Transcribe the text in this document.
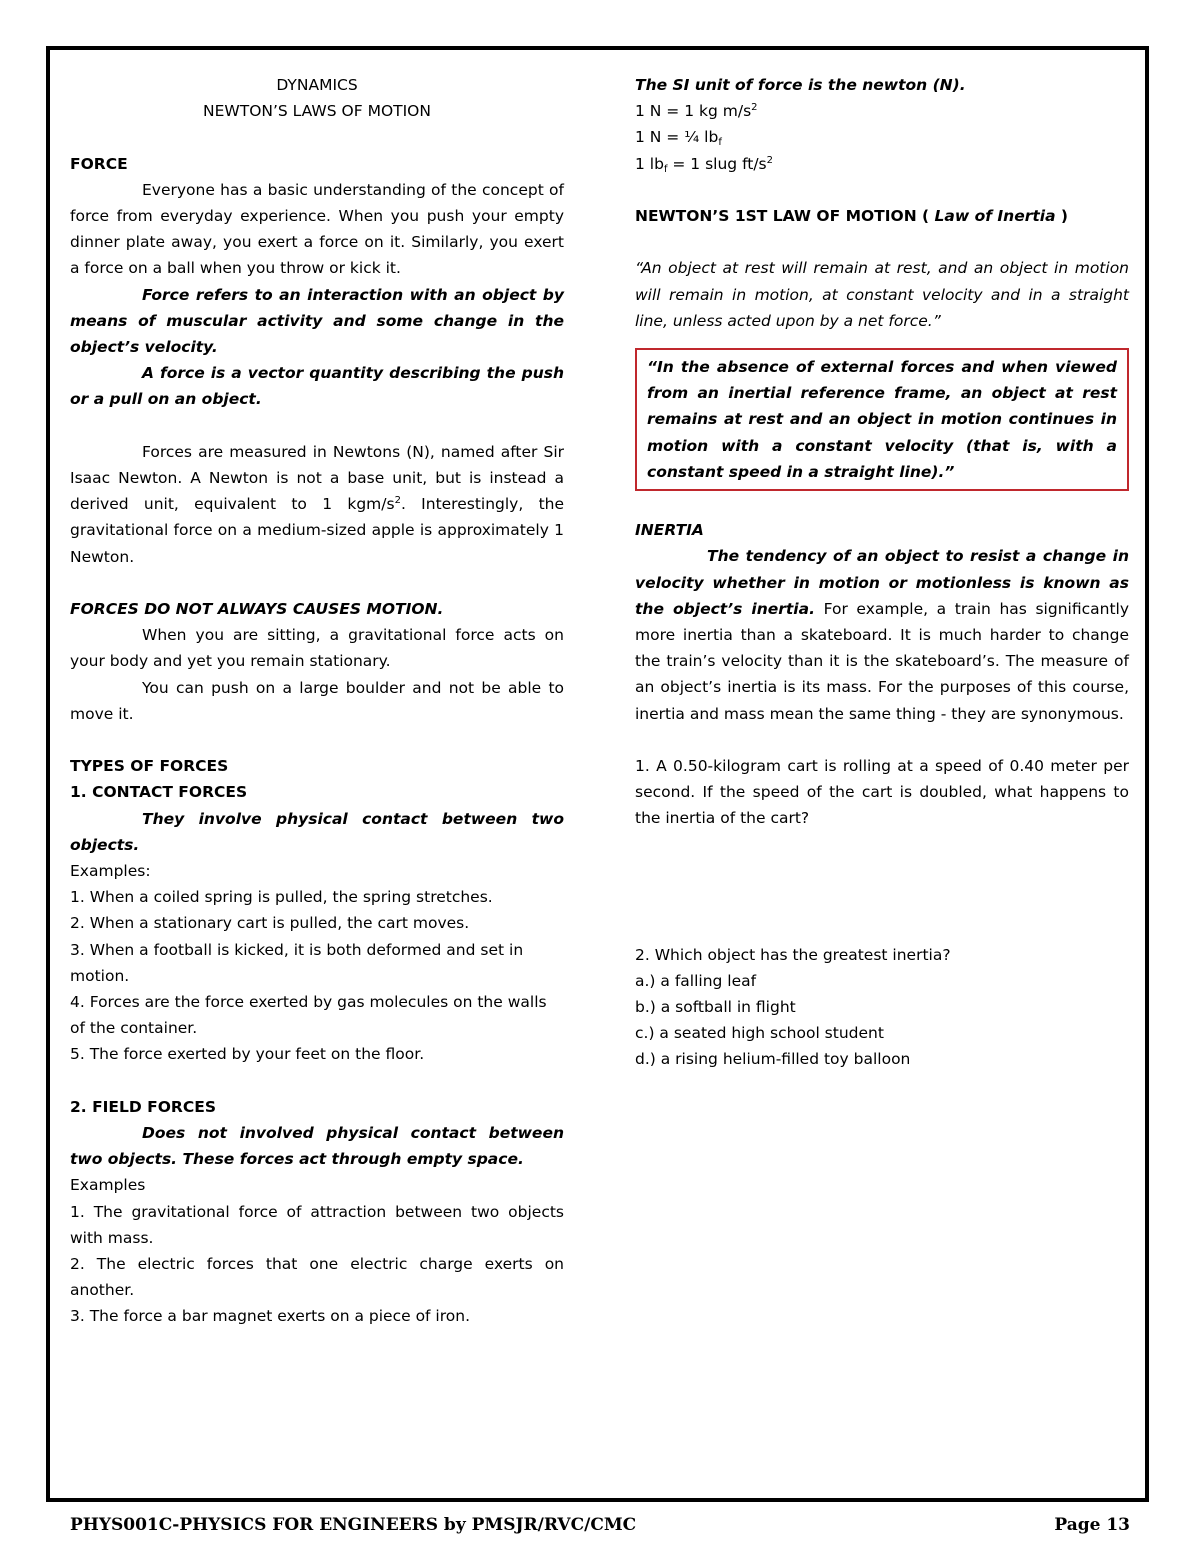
DYNAMICS
NEWTON’S LAWS OF MOTION
FORCE

Everyone has a basic understanding of the concept of force from everyday experience. When you push your empty dinner plate away, you exert a force on it. Similarly, you exert a force on a ball when you throw or kick it.

Force refers to an interaction with an object by means of muscular activity and some change in the object’s velocity.

A force is a vector quantity describing the push or a pull on an object.

Forces are measured in Newtons (N), named after Sir Isaac Newton. A Newton is not a base unit, but is instead a derived unit, equivalent to 1 kgm/$s^2$. Interestingly, the gravitational force on a medium-sized apple is approximately 1 Newton.

FORCES DO NOT ALWAYS CAUSES MOTION.

When you are sitting, a gravitational force acts on your body and yet you remain stationary.

You can push on a large boulder and not be able to move it.

TYPES OF FORCES
1. CONTACT FORCES

They involve physical contact between two objects.

Examples:
1. When a coiled spring is pulled, the spring stretches.
2. When a stationary cart is pulled, the cart moves.
3. When a football is kicked, it is both deformed and set in motion.
4. Forces are the force exerted by gas molecules on the walls of the container.
5. The force exerted by your feet on the floor.
2. FIELD FORCES

Does not involved physical contact between two objects. These forces act through empty space.

Examples
1. The gravitational force of attraction between two objects with mass.
2. The electric forces that one electric charge exerts on another.
3. The force a bar magnet exerts on a piece of iron.
The SI unit of force is the newton (N).
1 N = 1 kg $m/s^2$
1 N = ⅟₄ $lb_f$
1 $lb_f = 1$ slug $ft/s^2$
NEWTON’S 1ST LAW OF MOTION ( Law of Inertia )

“An object at rest will remain at rest, and an object in motion will remain in motion, at constant velocity and in a straight line, unless acted upon by a net force.”

“In the absence of external forces and when viewed from an inertial reference frame, an object at rest remains at rest and an object in motion continues in motion with a constant velocity (that is, with a constant speed in a straight line).”

INERTIA

The tendency of an object to resist a change in velocity whether in motion or motionless is known as the object’s inertia. For example, a train has significantly more inertia than a skateboard. It is much harder to change the train’s velocity than it is the skateboard’s. The measure of an object’s inertia is its mass. For the purposes of this course, inertia and mass mean the same thing - they are synonymous.

1. A 0.50-kilogram cart is rolling at a speed of 0.40 meter per second. If the speed of the cart is doubled, what happens to the inertia of the cart?

2. Which object has the greatest inertia?
a.) a falling leaf
b.) a softball in flight
c.) a seated high school student
d.) a rising helium-filled toy balloon
PHYS001C-PHYSICS FOR ENGINEERS by PMSJR/RVC/CMC	Page 13
